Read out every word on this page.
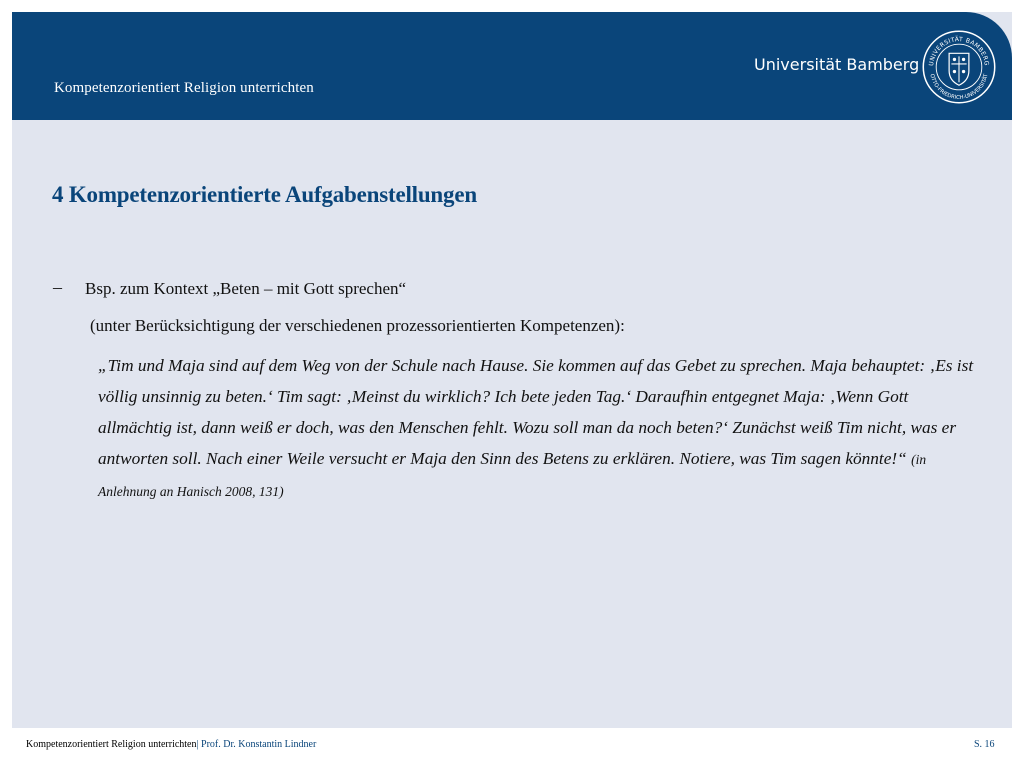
Kompetenzorientiert Religion unterrichten
Universität Bamberg UNIVERSITÄT BAMBERG
OTTO-FRIEDRICH-UNIVERSITÄT
4 Kompetenzorientierte Aufgabenstellungen
– Bsp. zum Kontext „Beten – mit Gott sprechen“
(unter Berücksichtigung der verschiedenen prozessorientierten Kompetenzen):

„Tim und Maja sind auf dem Weg von der Schule nach Hause. Sie kommen auf das Gebet zu sprechen. Maja behauptet: ‚Es ist völlig unsinnig zu beten.‘ Tim sagt: ‚Meinst du wirklich? Ich bete jeden Tag.‘ Daraufhin entgegnet Maja: ‚Wenn Gott allmächtig ist, dann weiß er doch, was den Menschen fehlt. Wozu soll man da noch beten?‘ Zunächst weiß Tim nicht, was er antworten soll. Nach einer Weile versucht er Maja den Sinn des Betens zu erklären. Notiere, was Tim sagen könnte!“ (in Anlehnung an Hanisch 2008, 131)

Kompetenzorientiert Religion unterrichten| Prof. Dr. Konstantin Lindner	S. 16
